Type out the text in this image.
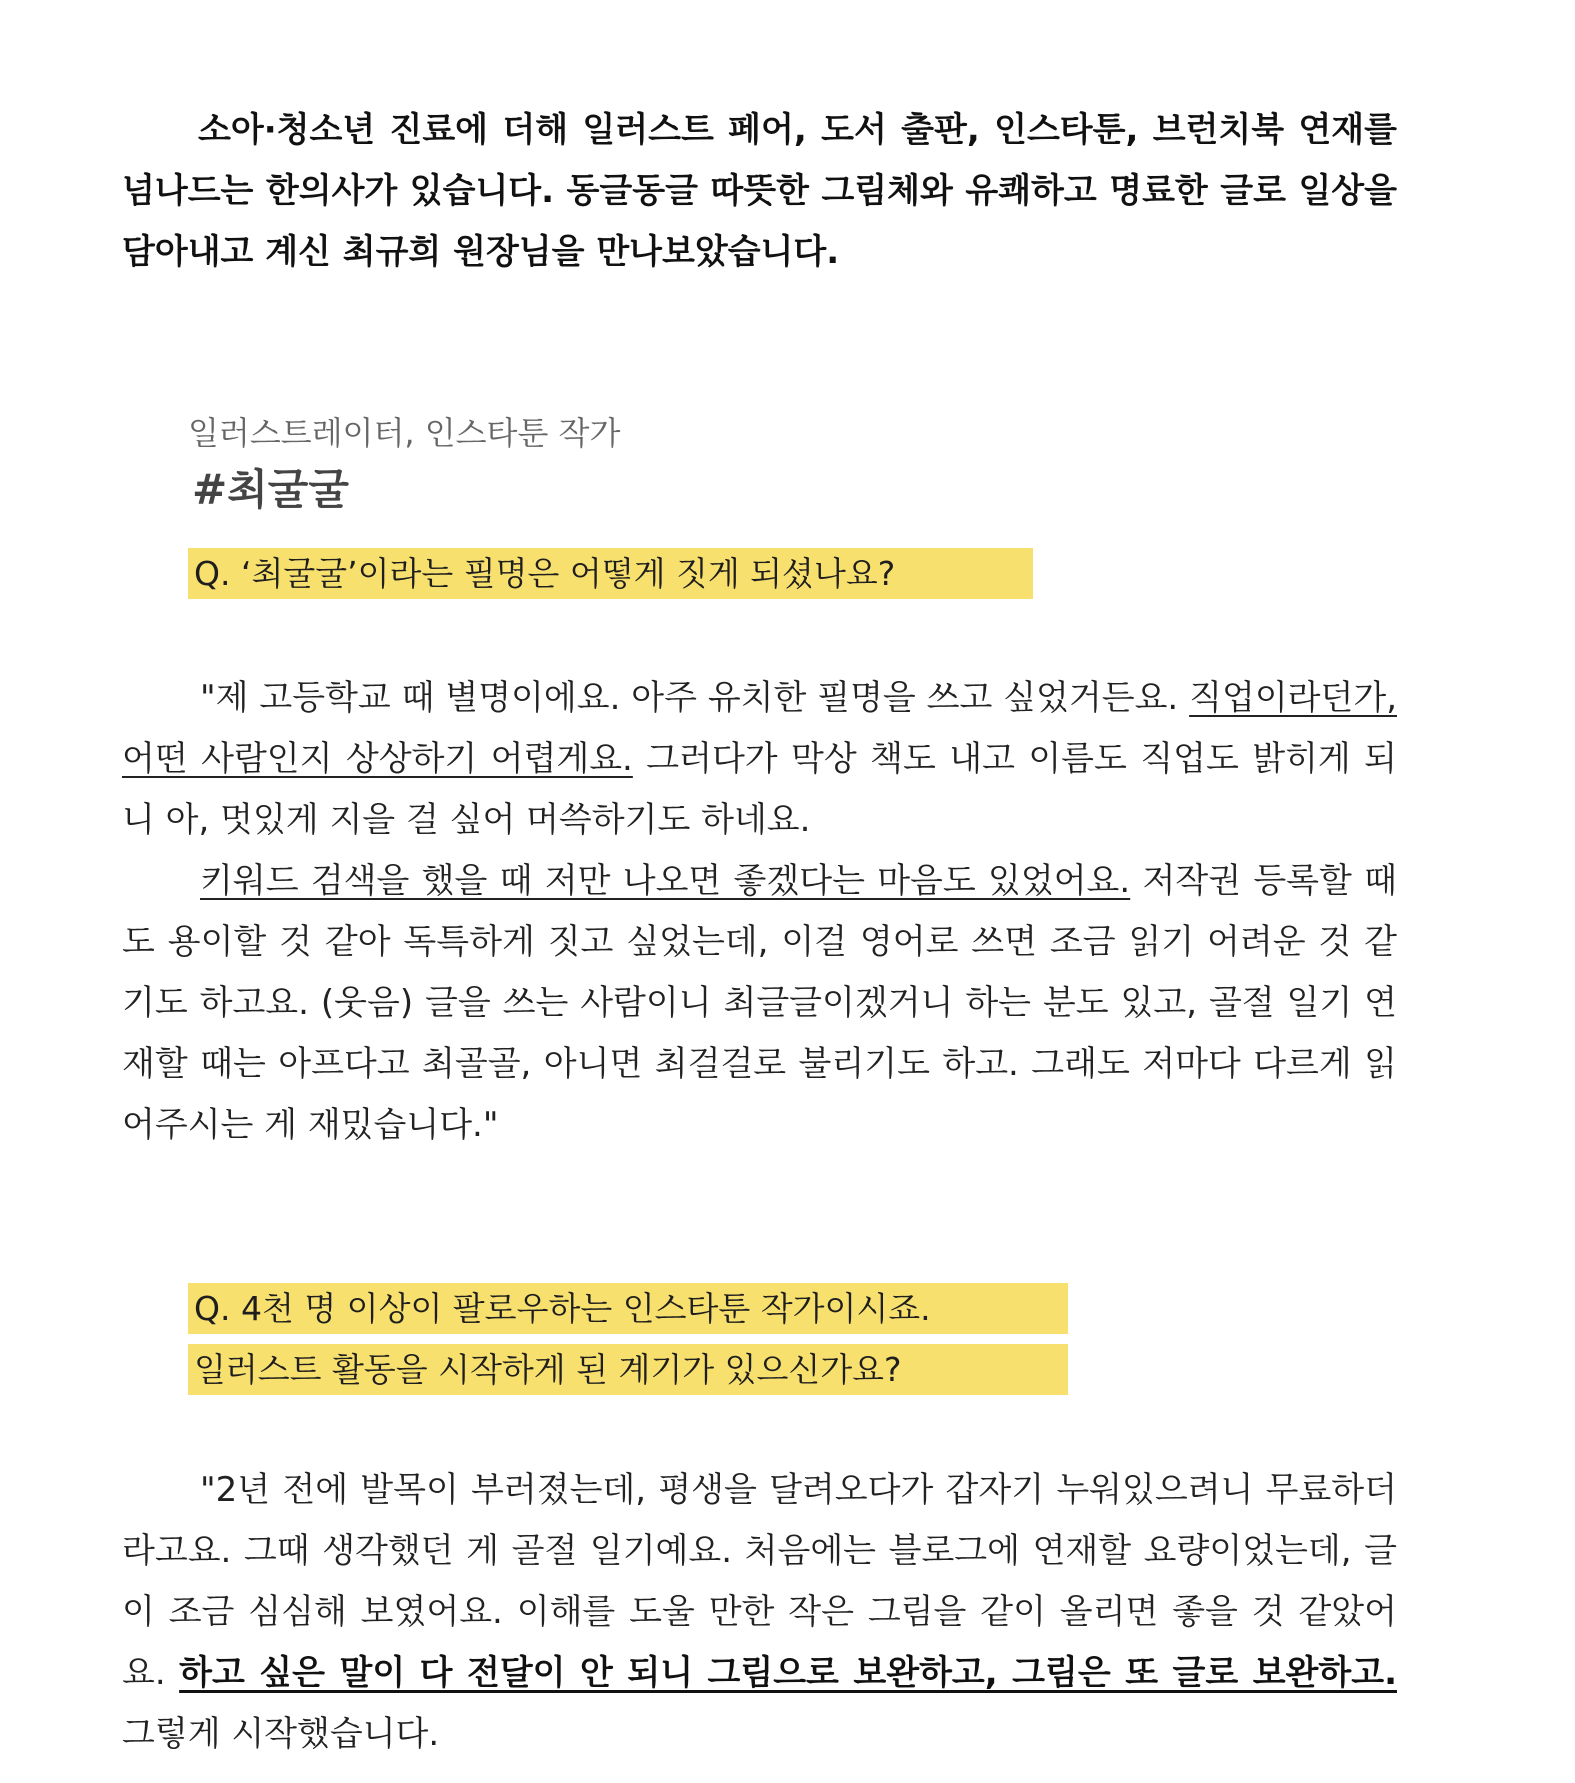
소아·청소년 진료에 더해 일러스트 페어, 도서 출판, 인스타툰, 브런치북 연재를 넘나드는 한의사가 있습니다. 동글동글 따뜻한 그림체와 유쾌하고 명료한 글로 일상을 담아내고 계신 최규희 원장님을 만나보았습니다.

일러스트레이터, 인스타툰 작가

#최굴굴
Q. ‘최굴굴’이라는 필명은 어떻게 짓게 되셨나요?

"제 고등학교 때 별명이에요. 아주 유치한 필명을 쓰고 싶었거든요. 직업이라던가, 어떤 사람인지 상상하기 어렵게요. 그러다가 막상 책도 내고 이름도 직업도 밝히게 되니 아, 멋있게 지을 걸 싶어 머쓱하기도 하네요.

키워드 검색을 했을 때 저만 나오면 좋겠다는 마음도 있었어요. 저작권 등록할 때도 용이할 것 같아 독특하게 짓고 싶었는데, 이걸 영어로 쓰면 조금 읽기 어려운 것 같기도 하고요. (웃음) 글을 쓰는 사람이니 최글글이겠거니 하는 분도 있고, 골절 일기 연재할 때는 아프다고 최골골, 아니면 최걸걸로 불리기도 하고. 그래도 저마다 다르게 읽어주시는 게 재밌습니다."

Q. 4천 명 이상이 팔로우하는 인스타툰 작가이시죠.
일러스트 활동을 시작하게 된 계기가 있으신가요?

"2년 전에 발목이 부러졌는데, 평생을 달려오다가 갑자기 누워있으려니 무료하더라고요. 그때 생각했던 게 골절 일기예요. 처음에는 블로그에 연재할 요량이었는데, 글이 조금 심심해 보였어요. 이해를 도울 만한 작은 그림을 같이 올리면 좋을 것 같았어요. 하고 싶은 말이 다 전달이 안 되니 그림으로 보완하고, 그림은 또 글로 보완하고. 그렇게 시작했습니다.
